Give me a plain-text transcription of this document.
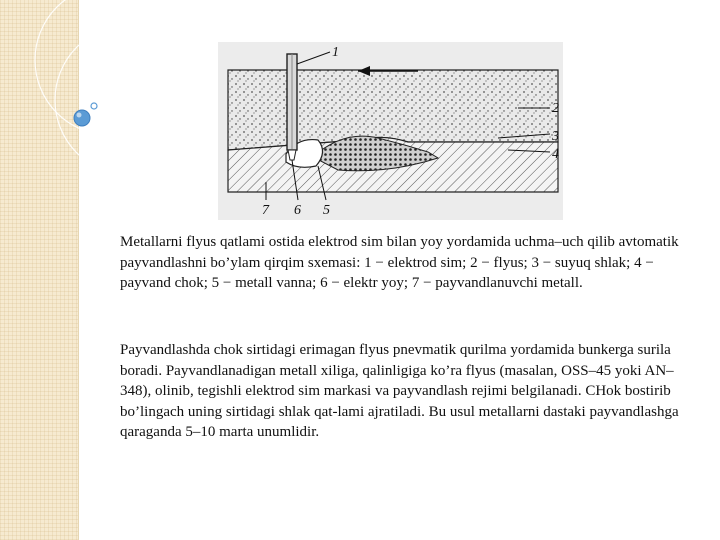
1
2
3
4
7 6 5

Metallarni flyus qatlami ostida elektrod sim bilan yoy yordamida uchma–uch qilib avtomatik payvandlashni bo’ylam qirqim sxemasi: 1 − elektrod sim; 2 − flyus; 3 − suyuq shlak; 4 − payvand chok; 5 − metall vanna; 6 − elektr yoy; 7 − payvandlanuvchi metall.

Payvandlashda chok sirtidagi erimagan flyus pnevmatik qurilma yordamida bunkerga surila boradi. Payvandlanadigan metall xiliga, qalinligiga ko’ra flyus (masalan, OSS–45 yoki AN–348), olinib, tegishli elektrod sim markasi va payvandlash rejimi belgilanadi. CHok bostirib bo’lingach uning sirtidagi shlak qat-lami ajratiladi. Bu usul metallarni dastaki payvandlashga qaraganda 5–10 marta unumlidir.
